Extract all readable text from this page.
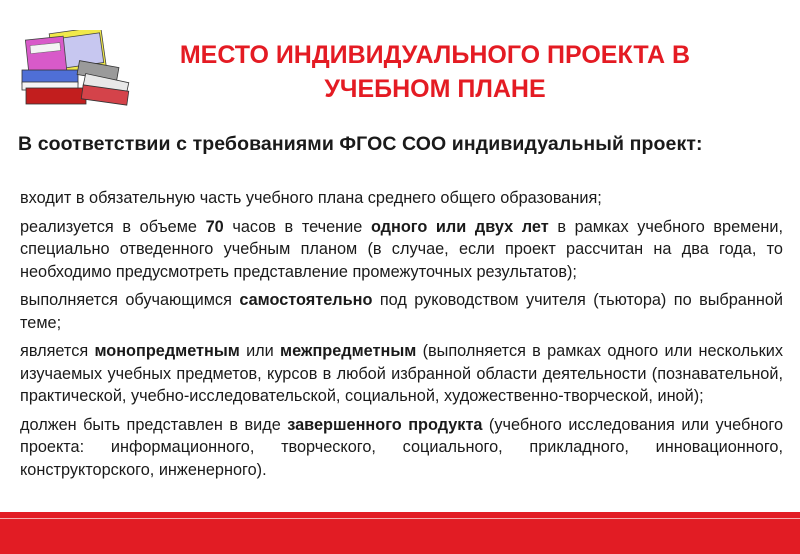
МЕСТО ИНДИВИДУАЛЬНОГО ПРОЕКТА В
УЧЕБНОМ ПЛАНЕ
В соответствии с требованиями ФГОС СОО индивидуальный проект:
входит в обязательную часть учебного плана среднего общего образования;
реализуется в объеме 70 часов в течение одного или двух лет в рамках учебного времени, специально отведенного учебным планом (в случае, если проект рассчитан на два года, то необходимо предусмотреть представление промежуточных результатов);
выполняется обучающимся самостоятельно под руководством учителя (тьютора) по выбранной теме;
является монопредметным или межпредметным (выполняется в рамках одного или нескольких изучаемых учебных предметов, курсов в любой избранной области деятельности (познавательной, практической, учебно-исследовательской, социальной, художественно-творческой, иной);
должен быть представлен в виде завершенного продукта (учебного исследования или учебного проекта: информационного, творческого, социального, прикладного, инновационного, конструкторского, инженерного).
